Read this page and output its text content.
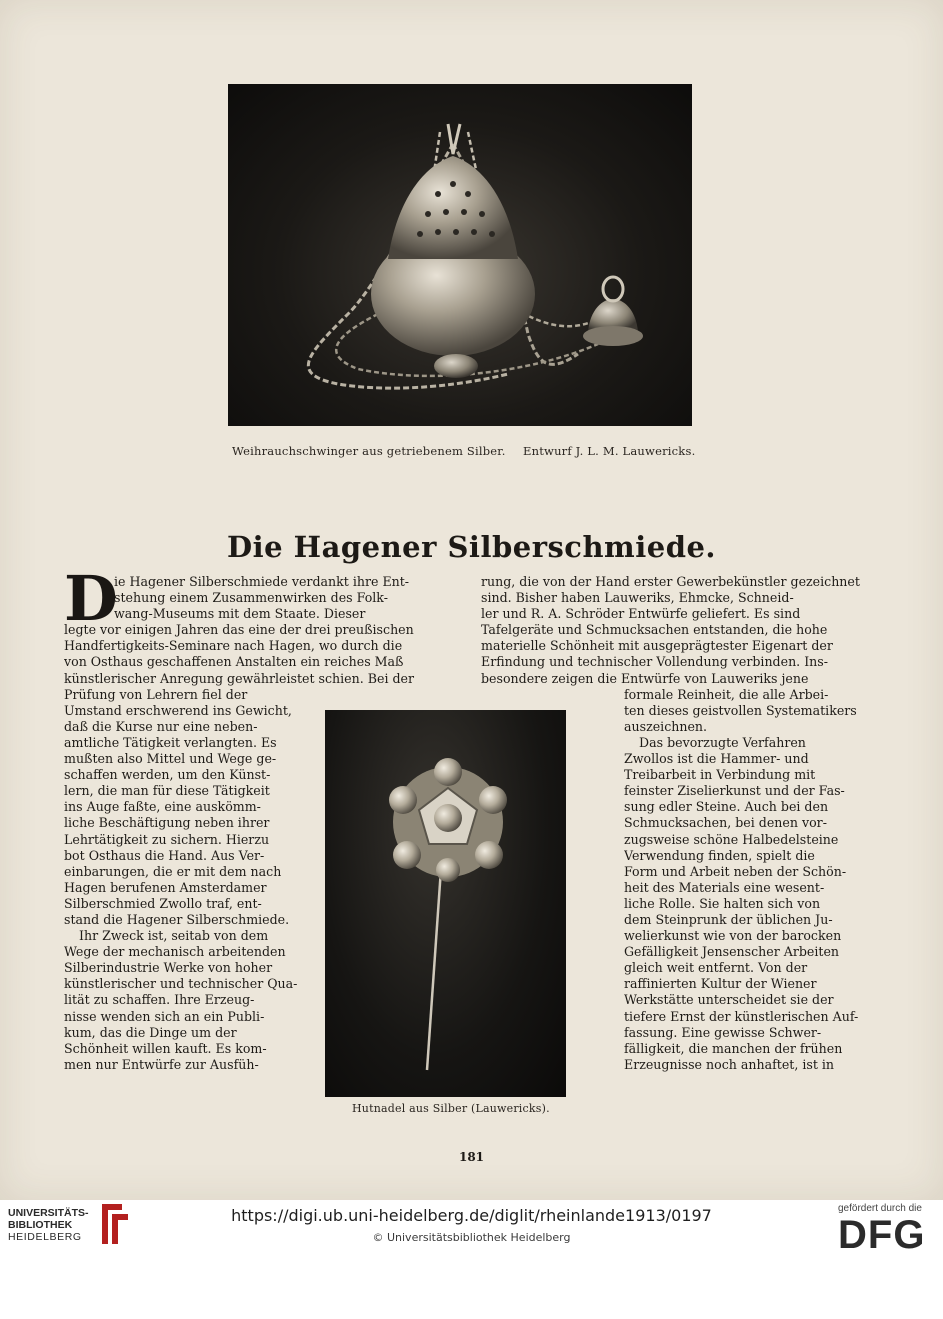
Weihrauchschwinger aus getriebenem Silber. Entwurf J. L. M. Lauwericks.
Die Hagener Silberschmiede.
D
ie Hagener Silberschmiede verdankt ihre Ent-
stehung einem Zusammenwirken des Folk-
wang-Museums mit dem Staate. Dieser
legte vor einigen Jahren das eine der drei preußischen
Handfertigkeits-Seminare nach Hagen, wo durch die
von Osthaus geschaffenen Anstalten ein reiches Maß
künstlerischer Anregung gewährleistet schien. Bei der
Prüfung von Lehrern fiel der
Umstand erschwerend ins Gewicht,
daß die Kurse nur eine neben-
amtliche Tätigkeit verlangten. Es
mußten also Mittel und Wege ge-
schaffen werden, um den Künst-
lern, die man für diese Tätigkeit
ins Auge faßte, eine auskömm-
liche Beschäftigung neben ihrer
Lehrtätigkeit zu sichern. Hierzu
bot Osthaus die Hand. Aus Ver-
einbarungen, die er mit dem nach
Hagen berufenen Amsterdamer
Silberschmied Zwollo traf, ent-
stand die Hagener Silberschmiede.
Ihr Zweck ist, seitab von dem
Wege der mechanisch arbeitenden
Silberindustrie Werke von hoher
künstlerischer und technischer Qua-
lität zu schaffen. Ihre Erzeug-
nisse wenden sich an ein Publi-
kum, das die Dinge um der
Schönheit willen kauft. Es kom-
men nur Entwürfe zur Ausfüh-
rung, die von der Hand erster Gewerbekünstler gezeichnet
sind. Bisher haben Lauweriks, Ehmcke, Schneid-
ler und R. A. Schröder Entwürfe geliefert. Es sind
Tafelgeräte und Schmucksachen entstanden, die hohe
materielle Schönheit mit ausgeprägtester Eigenart der
Erfindung und technischer Vollendung verbinden. Ins-
besondere zeigen die Entwürfe von Lauweriks jene
formale Reinheit, die alle Arbei-
ten dieses geistvollen Systematikers
auszeichnen.
Das bevorzugte Verfahren
Zwollos ist die Hammer- und
Treibarbeit in Verbindung mit
feinster Ziselierkunst und der Fas-
sung edler Steine. Auch bei den
Schmucksachen, bei denen vor-
zugsweise schöne Halbedelsteine
Verwendung finden, spielt die
Form und Arbeit neben der Schön-
heit des Materials eine wesent-
liche Rolle. Sie halten sich von
dem Steinprunk der üblichen Ju-
welierkunst wie von der barocken
Gefälligkeit Jensenscher Arbeiten
gleich weit entfernt. Von der
raffinierten Kultur der Wiener
Werkstätte unterscheidet sie der
tiefere Ernst der künstlerischen Auf-
fassung. Eine gewisse Schwer-
fälligkeit, die manchen der frühen
Erzeugnisse noch anhaftet, ist in
Hutnadel aus Silber (Lauwericks).
181
UNIVERSITÄTS-
BIBLIOTHEK
HEIDELBERG
https://digi.ub.uni-heidelberg.de/diglit/rheinlande1913/0197
© Universitätsbibliothek Heidelberg
gefördert durch die
DFG
